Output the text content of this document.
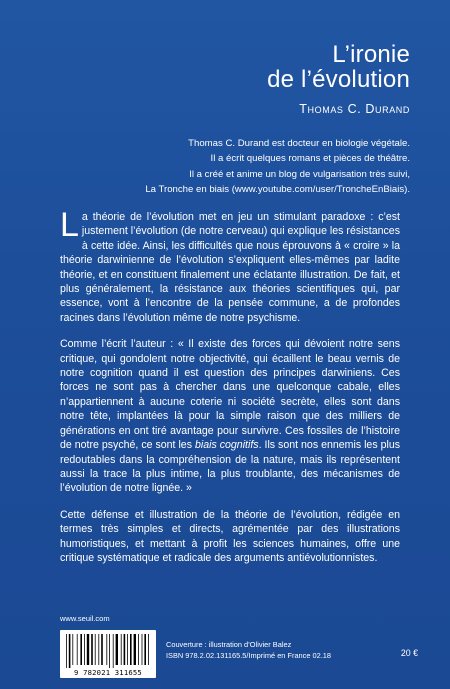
L’ironie
de l’évolution
Thomas C. Durand

Thomas C. Durand est docteur en biologie végétale.

Il a écrit quelques romans et pièces de théâtre.

Il a créé et anime un blog de vulgarisation très suivi,

La Tronche en biais (www.youtube.com/user/TroncheEnBiais).

La théorie de l’évolution met en jeu un stimulant paradoxe : c’est justement l’évolution (de notre cerveau) qui explique les résistances à cette idée. Ainsi, les difficultés que nous éprouvons à « croire » la théorie darwinienne de l’évolution s’expliquent elles-mêmes par ladite théorie, et en constituent finalement une éclatante illustration. De fait, et plus généralement, la résistance aux théories scientifiques qui, par essence, vont à l’encontre de la pensée commune, a de profondes racines dans l’évolution même de notre psychisme.

Comme l’écrit l’auteur : « Il existe des forces qui dévoient notre sens critique, qui gondolent notre objectivité, qui écaillent le beau vernis de notre cognition quand il est question des principes darwiniens. Ces forces ne sont pas à chercher dans une quelconque cabale, elles n’appartiennent à aucune coterie ni société secrète, elles sont dans notre tête, implantées là pour la simple raison que des milliers de générations en ont tiré avantage pour survivre. Ces fossiles de l’histoire de notre psyché, ce sont les biais cognitifs. Ils sont nos ennemis les plus redoutables dans la compréhension de la nature, mais ils représentent aussi la trace la plus intime, la plus troublante, des mécanismes de l’évolution de notre lignée. »

Cette défense et illustration de la théorie de l’évolution, rédigée en termes très simples et directs, agrémentée par des illustrations humoristiques, et mettant à profit les sciences humaines, offre une critique systématique et radicale des arguments antiévolutionnistes.

www.seuil.com
9 782021 311655

Couverture : illustration d’Olivier Balez

ISBN 978.2.02.131165.5/Imprimé en France 02.18	20 €
